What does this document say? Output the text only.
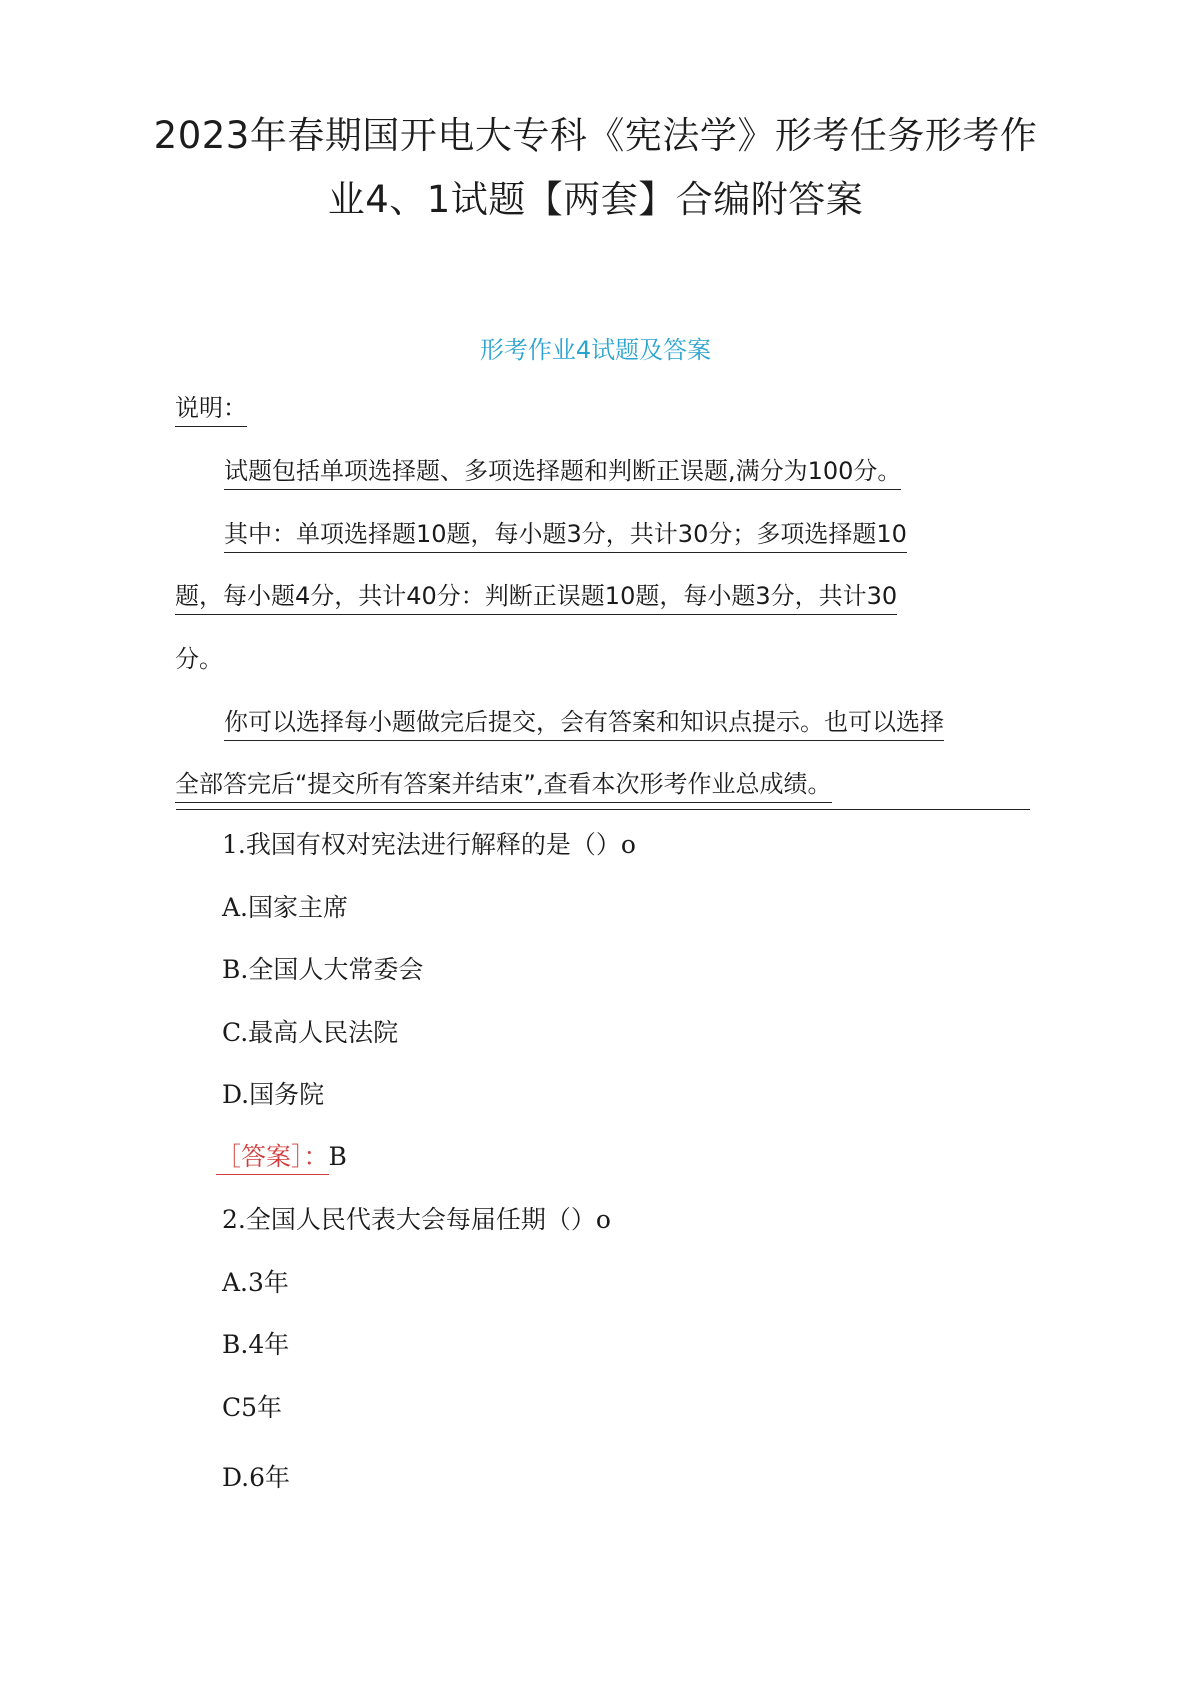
2023年春期国开电大专科《宪法学》形考任务形考作
业4、1试题【两套】合编附答案
形考作业4试题及答案
说明：
试题包括单项选择题、多项选择题和判断正误题,满分为100分。
其中：单项选择题10题，每小题3分，共计30分；多项选择题10
题，每小题4分，共计40分：判断正误题10题，每小题3分，共计30
分。
你可以选择每小题做完后提交，会有答案和知识点提示。也可以选择
全部答完后“提交所有答案并结束”,查看本次形考作业总成绩。
1.我国有权对宪法进行解释的是（）o
A.国家主席
B.全国人大常委会
C.最高人民法院
D.国务院
［答案］：B
2.全国人民代表大会每届任期（）o
A.3年
B.4年
C5年
D.6年
